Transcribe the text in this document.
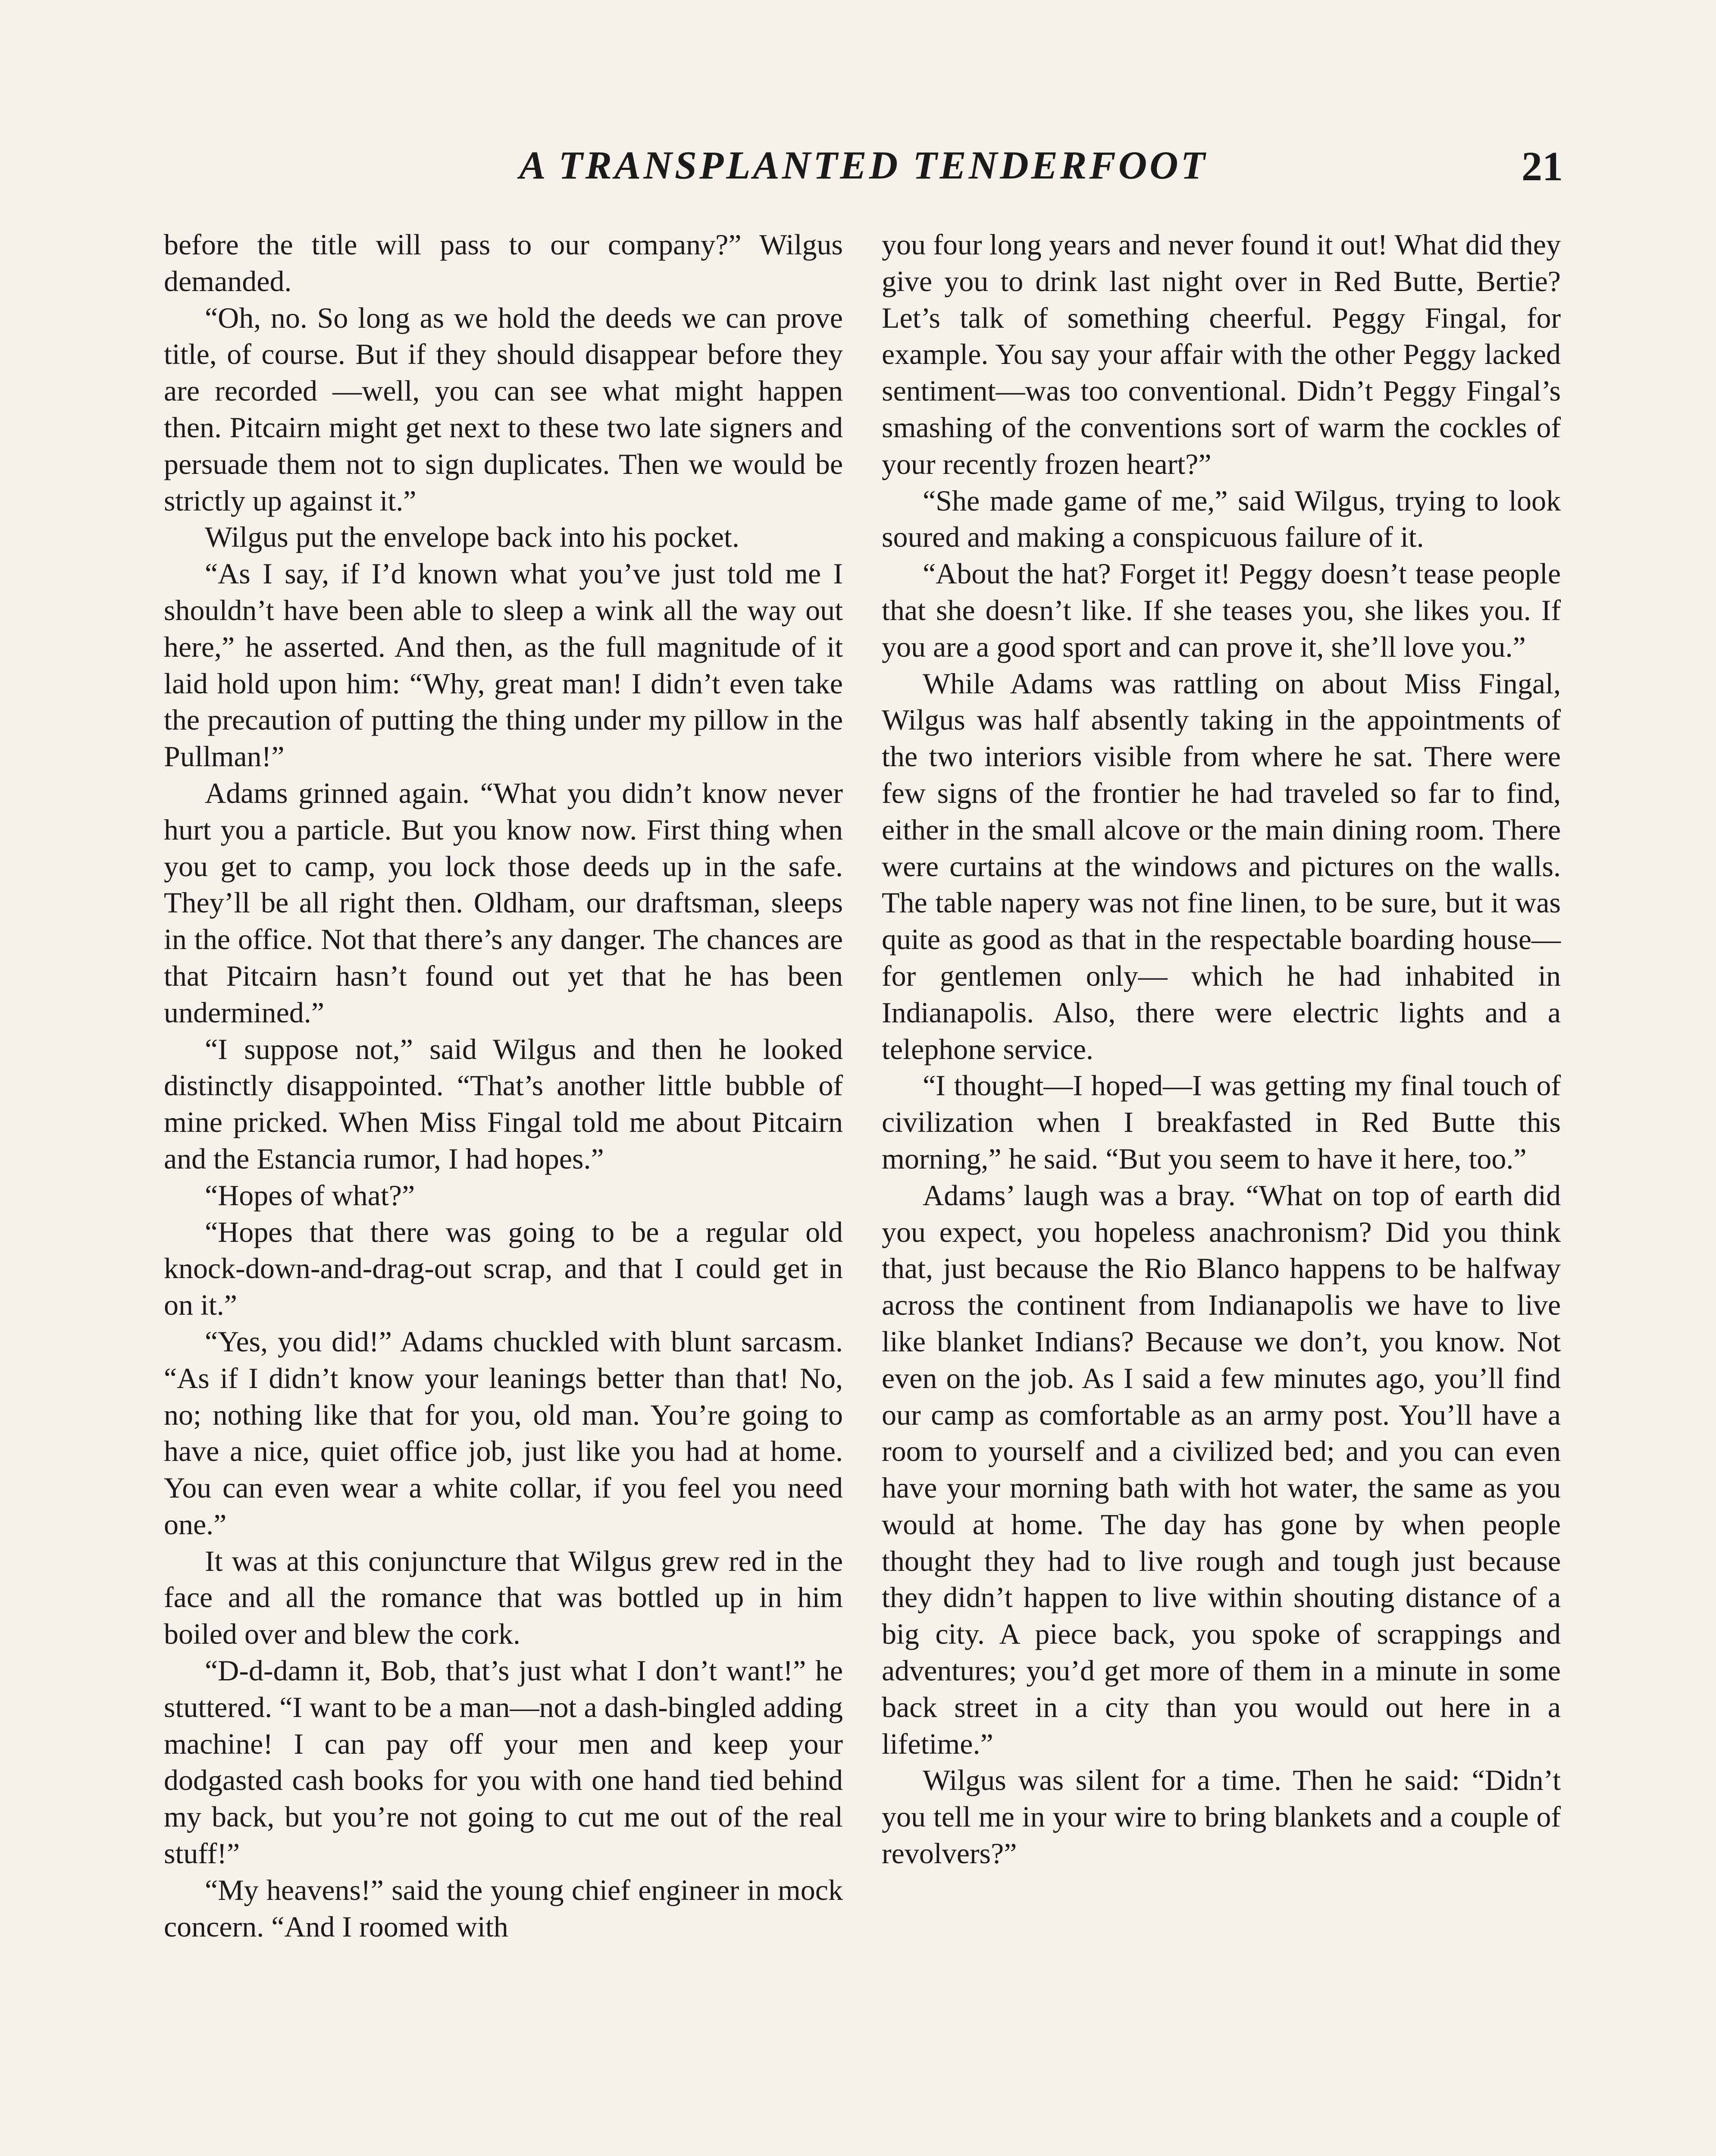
A TRANSPLANTED TENDERFOOT	21

before the title will pass to our company?” Wilgus demanded.

“Oh, no. So long as we hold the deeds we can prove title, of course. But if they should disappear before they are recorded —well, you can see what might happen then. Pitcairn might get next to these two late signers and persuade them not to sign duplicates. Then we would be strictly up against it.”

Wilgus put the envelope back into his pocket.

“As I say, if I’d known what you’ve just told me I shouldn’t have been able to sleep a wink all the way out here,” he asserted. And then, as the full magnitude of it laid hold upon him: “Why, great man! I didn’t even take the precaution of putting the thing under my pillow in the Pullman!”

Adams grinned again. “What you didn’t know never hurt you a particle. But you know now. First thing when you get to camp, you lock those deeds up in the safe. They’ll be all right then. Oldham, our draftsman, sleeps in the office. Not that there’s any danger. The chances are that Pitcairn hasn’t found out yet that he has been undermined.”

“I suppose not,” said Wilgus and then he looked distinctly disappointed. “That’s another little bubble of mine pricked. When Miss Fingal told me about Pitcairn and the Estancia rumor, I had hopes.”

“Hopes of what?”

“Hopes that there was going to be a regular old knock-down-and-drag-out scrap, and that I could get in on it.”

“Yes, you did!” Adams chuckled with blunt sarcasm. “As if I didn’t know your leanings better than that! No, no; nothing like that for you, old man. You’re going to have a nice, quiet office job, just like you had at home. You can even wear a white collar, if you feel you need one.”

It was at this conjuncture that Wilgus grew red in the face and all the romance that was bottled up in him boiled over and blew the cork.

“D-d-damn it, Bob, that’s just what I don’t want!” he stuttered. “I want to be a man—not a dash-bingled adding machine! I can pay off your men and keep your dodgasted cash books for you with one hand tied behind my back, but you’re not going to cut me out of the real stuff!”

“My heavens!” said the young chief engineer in mock concern. “And I roomed with

you four long years and never found it out! What did they give you to drink last night over in Red Butte, Bertie? Let’s talk of something cheerful. Peggy Fingal, for example. You say your affair with the other Peggy lacked sentiment—was too conventional. Didn’t Peggy Fingal’s smashing of the conventions sort of warm the cockles of your recently frozen heart?”

“She made game of me,” said Wilgus, trying to look soured and making a conspicuous failure of it.

“About the hat? Forget it! Peggy doesn’t tease people that she doesn’t like. If she teases you, she likes you. If you are a good sport and can prove it, she’ll love you.”

While Adams was rattling on about Miss Fingal, Wilgus was half absently taking in the appointments of the two interiors visible from where he sat. There were few signs of the frontier he had traveled so far to find, either in the small alcove or the main dining room. There were curtains at the windows and pictures on the walls. The table napery was not fine linen, to be sure, but it was quite as good as that in the respectable boarding house—for gentlemen only— which he had inhabited in Indianapolis. Also, there were electric lights and a telephone service.

“I thought—I hoped—I was getting my final touch of civilization when I breakfasted in Red Butte this morning,” he said. “But you seem to have it here, too.”

Adams’ laugh was a bray. “What on top of earth did you expect, you hopeless anachronism? Did you think that, just because the Rio Blanco happens to be halfway across the continent from Indianapolis we have to live like blanket Indians? Because we don’t, you know. Not even on the job. As I said a few minutes ago, you’ll find our camp as comfortable as an army post. You’ll have a room to yourself and a civilized bed; and you can even have your morning bath with hot water, the same as you would at home. The day has gone by when people thought they had to live rough and tough just because they didn’t happen to live within shouting distance of a big city. A piece back, you spoke of scrappings and adventures; you’d get more of them in a minute in some back street in a city than you would out here in a lifetime.”

Wilgus was silent for a time. Then he said: “Didn’t you tell me in your wire to bring blankets and a couple of revolvers?”
